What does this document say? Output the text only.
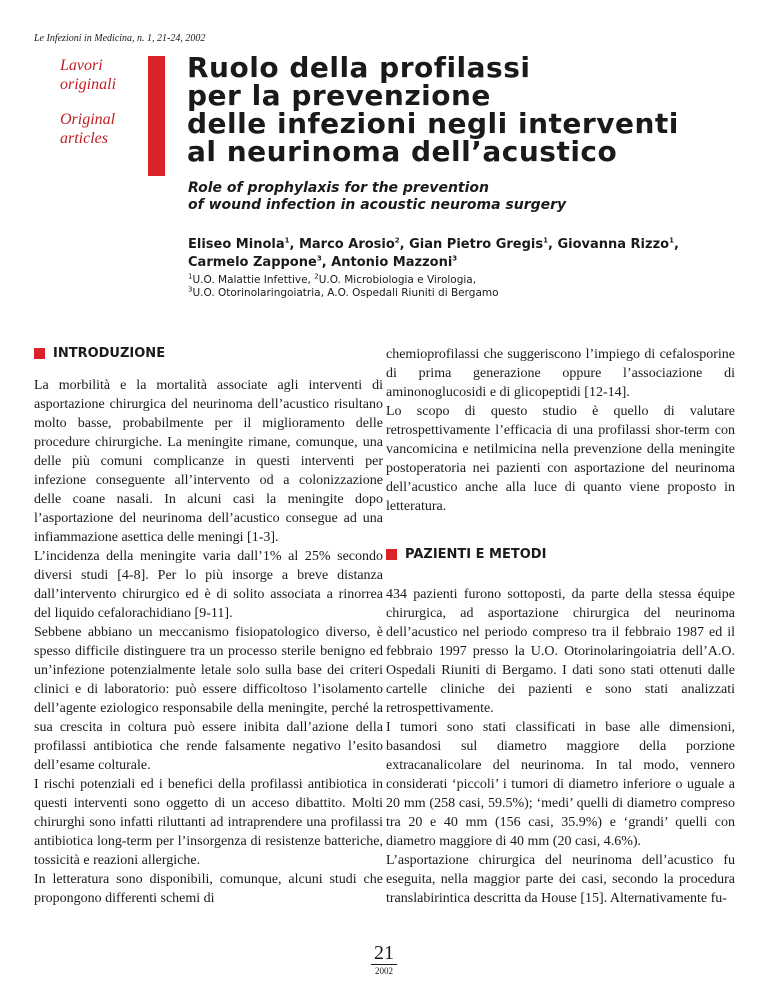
Le Infezioni in Medicina, n. 1, 21-24, 2002
Lavori originali
Original articles
Ruolo della profilassi
per la prevenzione
delle infezioni negli interventi
al neurinoma dell’acustico
Role of prophylaxis for the prevention
of wound infection in acoustic neuroma surgery
Eliseo Minola$^1$, Marco Arosio$^2$, Gian Pietro Gregis$^1$, Giovanna Rizzo$^1$,
Carmelo Zappone$^3$, Antonio Mazzoni$^3$
$^1$U.O. Malattie Infettive, $^2$U.O. Microbiologia e Virologia,
$^3$U.O. Otorinolaringoiatria, A.O. Ospedali Riuniti di Bergamo
INTRODUZIONE

La morbilità e la mortalità associate agli interventi di asportazione chirurgica del neurinoma dell’acustico risultano molto basse, probabilmente per il miglioramento delle procedure chirurgiche. La meningite rimane, comunque, una delle più comuni complicanze in questi interventi per infezione conseguente all’intervento od a colonizzazione delle coane nasali. In alcuni casi la meningite dopo l’asportazione del neurinoma dell’acustico consegue ad una infiammazione asettica delle meningi [1-3].

L’incidenza della meningite varia dall’1% al 25% secondo diversi studi [4-8]. Per lo più insorge a breve distanza dall’intervento chirurgico ed è di solito associata a rinorrea del liquido cefalorachidiano [9-11].

Sebbene abbiano un meccanismo fisiopatologico diverso, è spesso difficile distinguere tra un processo sterile benigno ed un’infezione potenzialmente letale solo sulla base dei criteri clinici e di laboratorio: può essere difficoltoso l’isolamento dell’agente eziologico responsabile della meningite, perché la sua crescita in coltura può essere inibita dall’azione della profilassi antibiotica che rende falsamente negativo l’esito dell’esame colturale.

I rischi potenziali ed i benefici della profilassi antibiotica in questi interventi sono oggetto di un acceso dibattito. Molti chirurghi sono infatti riluttanti ad intraprendere una profilassi antibiotica long-term per l’insorgenza di resistenze batteriche, tossicità e reazioni allergiche.

In letteratura sono disponibili, comunque, alcuni studi che propongono differenti schemi di

chemioprofilassi che suggeriscono l’impiego di cefalosporine di prima generazione oppure l’associazione di aminonoglucosidi e di glicopeptidi [12-14].

Lo scopo di questo studio è quello di valutare retrospettivamente l’efficacia di una profilassi shor-term con vancomicina e netilmicina nella prevenzione della meningite postoperatoria nei pazienti con asportazione del neurinoma dell’acustico anche alla luce di quanto viene proposto in letteratura.

PAZIENTI E METODI

434 pazienti furono sottoposti, da parte della stessa équipe chirurgica, ad asportazione chirurgica del neurinoma dell’acustico nel periodo compreso tra il febbraio 1987 ed il febbraio 1997 presso la U.O. Otorinolaringoiatria dell’A.O. Ospedali Riuniti di Bergamo. I dati sono stati ottenuti dalle cartelle cliniche dei pazienti e sono stati analizzati retrospettivamente.

I tumori sono stati classificati in base alle dimensioni, basandosi sul diametro maggiore della porzione extracanalicolare del neurinoma. In tal modo, vennero considerati ‘piccoli’ i tumori di diametro inferiore o uguale a 20 mm (258 casi, 59.5%); ‘medi’ quelli di diametro compreso tra 20 e 40 mm (156 casi, 35.9%) e ‘grandi’ quelli con diametro maggiore di 40 mm (20 casi, 4.6%).

L’asportazione chirurgica del neurinoma dell’acustico fu eseguita, nella maggior parte dei casi, secondo la procedura translabirintica descritta da House [15]. Alternativamente fu-

21
2002
